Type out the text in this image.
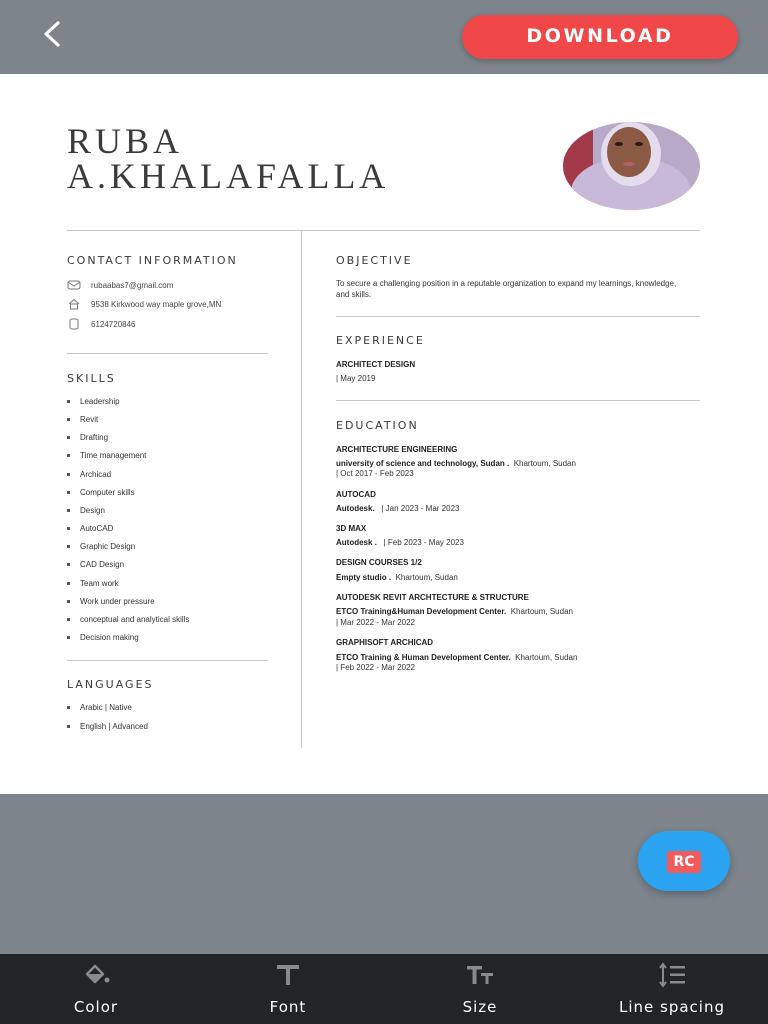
DOWNLOAD
RUBA
A.KHALAFALLA
CONTACT INFORMATION
rubaabas7@gmail.com
9538 Kirkwood way maple grove,MN
6124720846
SKILLS
Leadership
Revit
Drafting
Time management
Archicad
Computer skills
Design
AutoCAD
Graphic Design
CAD Design
Team work
Work under pressure
conceptual and analytical skills
Decision making
LANGUAGES
Arabic | Native
English | Advanced
OBJECTIVE
To secure a challenging position in a reputable organization to expand my learnings, knowledge, and skills.
EXPERIENCE
ARCHITECT DESIGN
| May 2019
EDUCATION
ARCHITECTURE ENGINEERING
university of science and technology, Sudan . Khartoum, Sudan
| Oct 2017 - Feb 2023
AUTOCAD
Autodesk. | Jan 2023 - Mar 2023
3D MAX
Autodesk . | Feb 2023 - May 2023
DESIGN COURSES 1/2
Empty studio . Khartoum, Sudan
AUTODESK REVIT ARCHTECTURE & STRUCTURE
ETCO Training&Human Development Center. Khartoum, Sudan
| Mar 2022 - Mar 2022
GRAPHISOFT ARCHICAD
ETCO Training & Human Development Center. Khartoum, Sudan
| Feb 2022 - Mar 2022
RC
Color	Font	Size	Line spacing
